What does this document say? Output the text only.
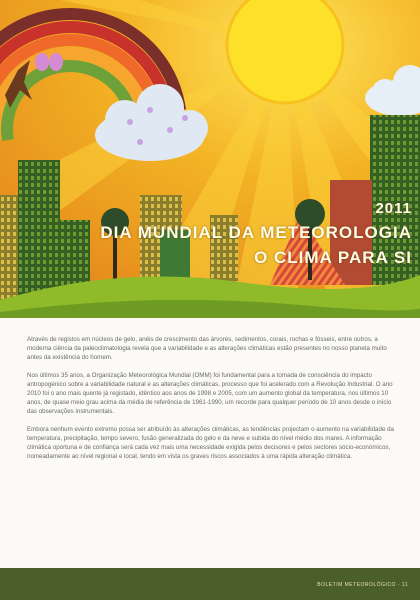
2011
DIA MUNDIAL DA METEOROLOGIA
O CLIMA PARA SI

Através de registos em núcleos de gelo, anéis de crescimento das árvores, sedimentos, corais, rochas e fósseis, entre outros, a moderna ciência da paleoclimatologia revela que a variabilidade e as alterações climáticas estão presentes no nosso planeta muito antes da existência do homem.

Nos últimos 35 anos, a Organização Meteorológica Mundial (OMM) foi fundamental para a tomada de consciência do impacto antropogénico sobre a variabilidade natural e as alterações climáticas, processo que foi acelerado com a Revolução Industrial. O ano 2010 foi o ano mais quente já registado, idêntico aos anos de 1998 e 2005, com um aumento global da temperatura, nos últimos 10 anos, de quase meio grau acima da média de referência de 1961-1990, um recorde para qualquer período de 10 anos desde o início das observações instrumentais.

Embora nenhum evento extremo possa ser atribuído às alterações climáticas, as tendências projectam o aumento na variabilidade da temperatura, precipitação, tempo severo, fusão generalizada do gelo e da neve e subida do nível médio dos mares. A informação climática oportuna e de confiança será cada vez mais uma necessidade exigida pelos decisores e pelos sectores sócio-económicos, nomeadamente ao nível regional e local, tendo em vista os graves riscos associados à uma rápida alteração climática.

BOLETIM METEOROLÓGICO · 11
